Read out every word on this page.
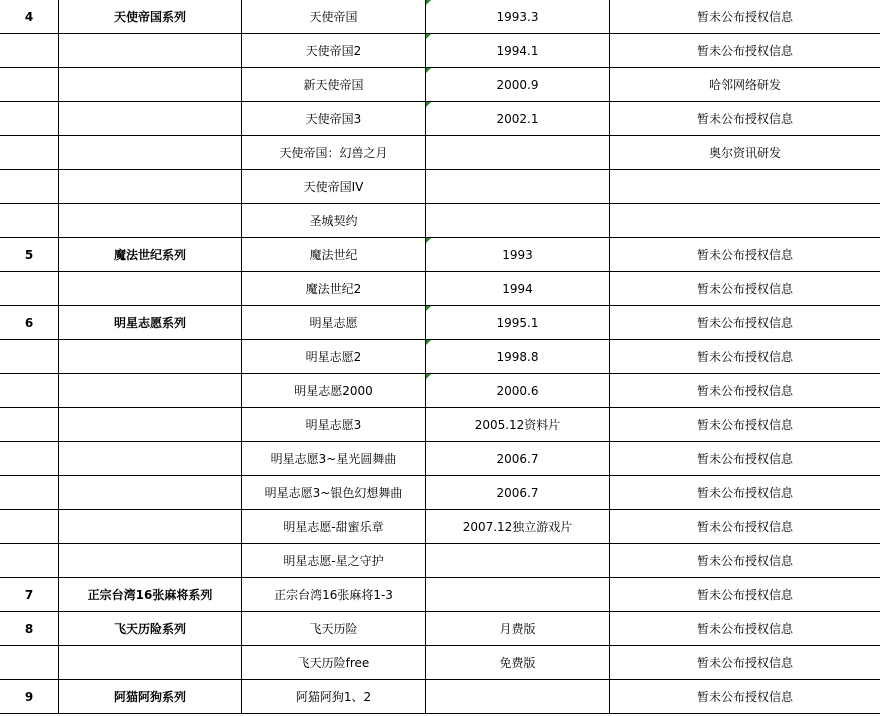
4	天使帝国系列	天使帝国	1993.3	暂未公布授权信息
		天使帝国2	1994.1	暂未公布授权信息
		新天使帝国	2000.9	哈邻网络研发
		天使帝国3	2002.1	暂未公布授权信息
		天使帝国：幻兽之月		奥尔资讯研发
		天使帝国IV		
		圣城契约		
5	魔法世纪系列	魔法世纪	1993	暂未公布授权信息
		魔法世纪2	1994	暂未公布授权信息
6	明星志愿系列	明星志愿	1995.1	暂未公布授权信息
		明星志愿2	1998.8	暂未公布授权信息
		明星志愿2000	2000.6	暂未公布授权信息
		明星志愿3	2005.12资料片	暂未公布授权信息
		明星志愿3~星光圆舞曲	2006.7	暂未公布授权信息
		明星志愿3~银色幻想舞曲	2006.7	暂未公布授权信息
		明星志愿-甜蜜乐章	2007.12独立游戏片	暂未公布授权信息
		明星志愿-星之守护		暂未公布授权信息
7	正宗台湾16张麻将系列	正宗台湾16张麻将1-3		暂未公布授权信息
8	飞天历险系列	飞天历险	月费版	暂未公布授权信息
		飞天历险free	免费版	暂未公布授权信息
9	阿猫阿狗系列	阿猫阿狗1、2		暂未公布授权信息
